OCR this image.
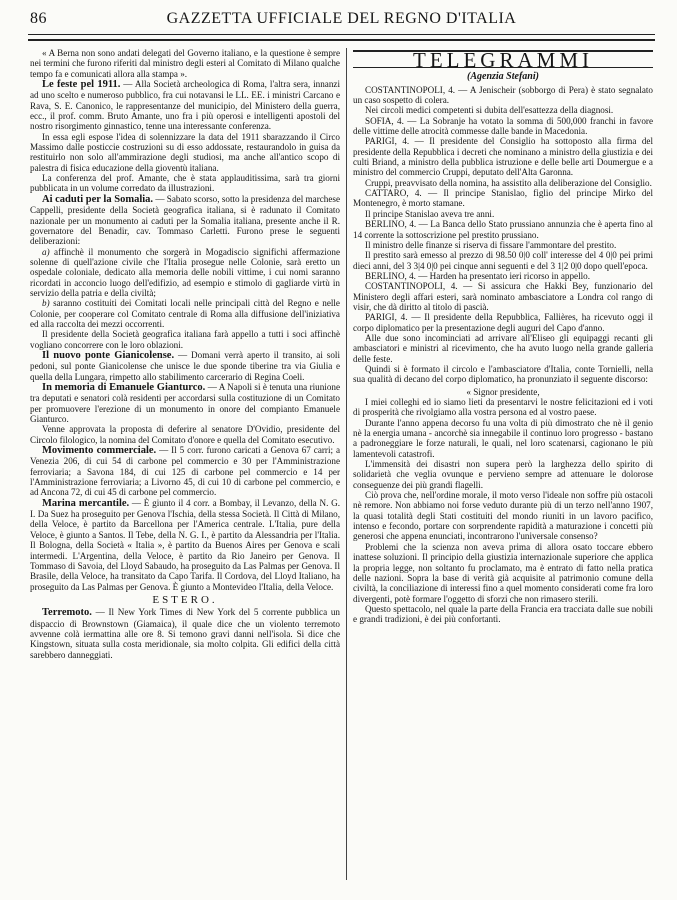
86	GAZZETTA UFFICIALE DEL REGNO D'ITALIA

« A Berna non sono andati delegati del Governo italiano, e la questione è sempre nei termini che furono riferiti dal ministro degli esteri al Comitato di Milano qualche tempo fa e comunicati allora alla stampa ».

Le feste pel 1911. — Alla Società archeologica di Roma, l'altra sera, innanzi ad uno scelto e numeroso pubblico, fra cui notavansi le LL. EE. i ministri Carcano e Rava, S. E. Canonico, le rappresentanze del municipio, del Ministero della guerra, ecc., il prof. comm. Bruto Amante, uno fra i più operosi e intelligenti apostoli del nostro risorgimento ginnastico, tenne una interessante conferenza.

In essa egli espose l'idea di solennizzare la data del 1911 sbarazzando il Circo Massimo dalle posticcie costruzioni su di esso addossate, restaurandolo in guisa da restituirlo non solo all'ammirazione degli studiosi, ma anche all'antico scopo di palestra di fisica educazione della gioventù italiana.

La conferenza del prof. Amante, che è stata applauditissima, sarà tra giorni pubblicata in un volume corredato da illustrazioni.

Ai caduti per la Somalia. — Sabato scorso, sotto la presidenza del marchese Cappelli, presidente della Società geografica italiana, si è radunato il Comitato nazionale per un monumento ai caduti per la Somalia italiana, presente anche il R. governatore del Benadir, cav. Tommaso Carletti. Furono prese le seguenti deliberazioni:

a) affinchè il monumento che sorgerà in Mogadiscio significhi affermazione solenne di quell'azione civile che l'Italia prosegue nelle Colonie, sarà eretto un ospedale coloniale, dedicato alla memoria delle nobili vittime, i cui nomi saranno ricordati in acconcio luogo dell'edifizio, ad esempio e stimolo di gagliarde virtù in servizio della patria e della civiltà;

b) saranno costituiti dei Comitati locali nelle principali città del Regno e nelle Colonie, per cooperare col Comitato centrale di Roma alla diffusione dell'iniziativa ed alla raccolta dei mezzi occorrenti.

Il presidente della Società geografica italiana farà appello a tutti i soci affinchè vogliano concorrere con le loro oblazioni.

Il nuovo ponte Gianicolense. — Domani verrà aperto il transito, ai soli pedoni, sul ponte Gianicolense che unisce le due sponde tiberine tra via Giulia e quella della Lungara, rimpetto allo stabilimento carcerario di Regina Coeli.

In memoria di Emanuele Gianturco. — A Napoli si è tenuta una riunione tra deputati e senatori colà residenti per accordarsi sulla costituzione di un Comitato per promuovere l'erezione di un monumento in onore del compianto Emanuele Gianturco.

Venne approvata la proposta di deferire al senatore D'Ovidio, presidente del Circolo filologico, la nomina del Comitato d'onore e quella del Comitato esecutivo.

Movimento commerciale. — Il 5 corr. furono caricati a Genova 67 carri; a Venezia 206, di cui 54 di carbone pel commercio e 30 per l'Amministrazione ferroviaria; a Savona 184, di cui 125 di carbone pel commercio e 14 per l'Amministrazione ferroviaria; a Livorno 45, di cui 10 di carbone pel commercio, e ad Ancona 72, di cui 45 di carbone pel commercio.

Marina mercantile. — È giunto il 4 corr. a Bombay, il Levanzo, della N. G. I. Da Suez ha proseguito per Genova l'Ischia, della stessa Società. Il Città di Milano, della Veloce, è partito da Barcellona per l'America centrale. L'Italia, pure della Veloce, è giunto a Santos. Il Tebe, della N. G. I., è partito da Alessandria per l'Italia. Il Bologna, della Società « Italia », è partito da Buenos Aires per Genova e scali intermedi. L'Argentina, della Veloce, è partito da Rio Janeiro per Genova. Il Tommaso di Savoia, del Lloyd Sabaudo, ha proseguito da Las Palmas per Genova. Il Brasile, della Veloce, ha transitato da Capo Tarifa. Il Cordova, del Lloyd Italiano, ha proseguito da Las Palmas per Genova. È giunto a Montevideo l'Italia, della Veloce.

ESTERO.

Terremoto. — Il New York Times di New York del 5 corrente pubblica un dispaccio di Brownstown (Giamaica), il quale dice che un violento terremoto avvenne colà iermattina alle ore 8. Si temono gravi danni nell'isola. Si dice che Kingstown, situata sulla costa meridionale, sia molto colpita. Gli edifici della città sarebbero danneggiati.

TELEGRAMMI
(Agenzia Stefani)

COSTANTINOPOLI, 4. — A Jenischeir (sobborgo di Pera) è stato segnalato un caso sospetto di colera.

Nei circoli medici competenti si dubita dell'esattezza della diagnosi.

SOFIA, 4. — La Sobranje ha votato la somma di 500,000 franchi in favore delle vittime delle atrocità commesse dalle bande in Macedonia.

PARIGI, 4. — Il presidente del Consiglio ha sottoposto alla firma del presidente della Repubblica i decreti che nominano a ministro della giustizia e dei culti Briand, a ministro della pubblica istruzione e delle belle arti Doumergue e a ministro del commercio Cruppi, deputato dell'Alta Garonna.

Cruppi, preavvisato della nomina, ha assistito alla deliberazione del Consiglio.

CATTARO, 4. — Il principe Stanislao, figlio del principe Mirko del Montenegro, è morto stamane.

Il principe Stanislao aveva tre anni.

BERLINO, 4. — La Banca dello Stato prussiano annunzia che è aperta fino al 14 corrente la sottoscrizione pel prestito prussiano.

Il ministro delle finanze si riserva di fissare l'ammontare del prestito.

Il prestito sarà emesso al prezzo di 98.50 0|0 coll' interesse del 4 0|0 pei primi dieci anni, del 3 3|4 0|0 pei cinque anni seguenti e del 3 1|2 0|0 dopo quell'epoca.

BERLINO, 4. — Harden ha presentato ieri ricorso in appello.

COSTANTINOPOLI, 4. — Si assicura che Hakki Bey, funzionario del Ministero degli affari esteri, sarà nominato ambasciatore a Londra col rango di visir, che dà diritto al titolo di pascià.

PARIGI, 4. — Il presidente della Repubblica, Fallières, ha ricevuto oggi il corpo diplomatico per la presentazione degli auguri del Capo d'anno.

Alle due sono incominciati ad arrivare all'Eliseo gli equipaggi recanti gli ambasciatori e ministri al ricevimento, che ha avuto luogo nella grande galleria delle feste.

Quindi si è formato il circolo e l'ambasciatore d'Italia, conte Tornielli, nella sua qualità di decano del corpo diplomatico, ha pronunziato il seguente discorso:

« Signor presidente,

I miei colleghi ed io siamo lieti da presentarvi le nostre felicitazioni ed i voti di prosperità che rivolgiamo alla vostra persona ed al vostro paese.

Durante l'anno appena decorso fu una volta di più dimostrato che nè il genio nè la energia umana - ancorchè sia innegabile il continuo loro progresso - bastano a padroneggiare le forze naturali, le quali, nel loro scatenarsi, cagionano le più lamentevoli catastrofi.

L'immensità dei disastri non supera però la larghezza dello spirito di solidarietà che veglia ovunque e pervieno sempre ad attenuare le dolorose conseguenze dei più grandi flagelli.

Ciò prova che, nell'ordine morale, il moto verso l'ideale non soffre più ostacoli nè remore. Non abbiamo noi forse veduto durante più di un terzo nell'anno 1907, la quasi totalità degli Stati costituiti del mondo riuniti in un lavoro pacifico, intenso e fecondo, portare con sorprendente rapidità a maturazione i concetti più generosi che appena enunciati, incontrarono l'universale consenso?

Problemi che la scienza non aveva prima di allora osato toccare ebbero inattese soluzioni. Il principio della giustizia internazionale superiore che applica la propria legge, non soltanto fu proclamato, ma è entrato di fatto nella pratica delle nazioni. Sopra la base di verità già acquisite al patrimonio comune della civiltà, la conciliazione di interessi fino a quel momento considerati come fra loro divergenti, potè formare l'oggetto di sforzi che non rimasero sterili.

Questo spettacolo, nel quale la parte della Francia era tracciata dalle sue nobili e grandi tradizioni, è dei più confortanti.
